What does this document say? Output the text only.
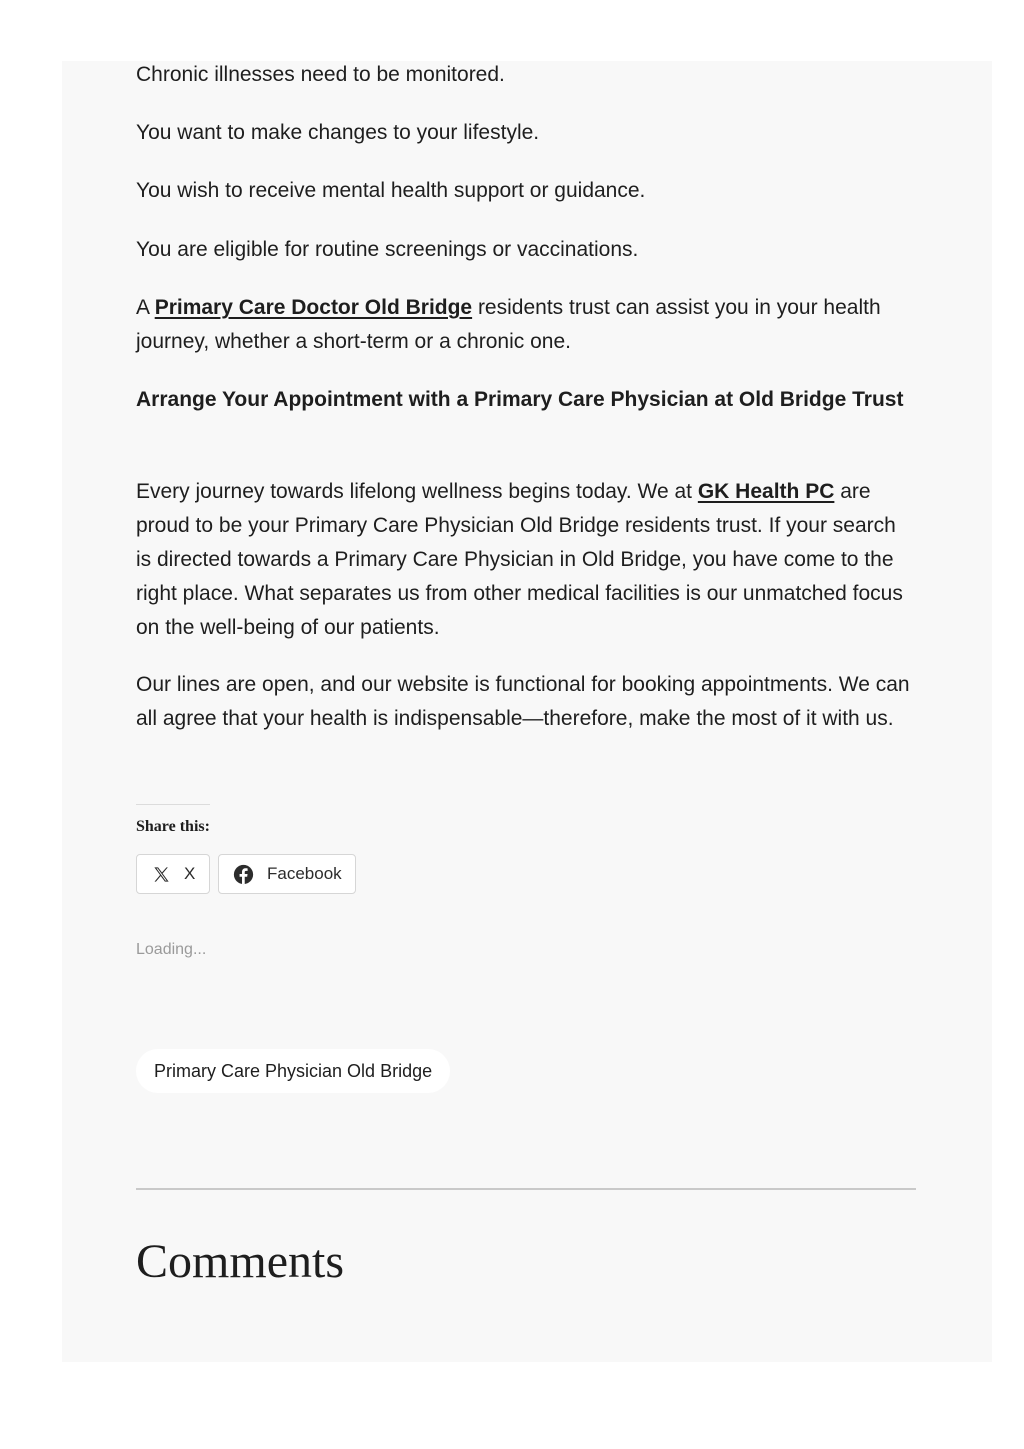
Chronic illnesses need to be monitored.

You want to make changes to your lifestyle.

You wish to receive mental health support or guidance.

You are eligible for routine screenings or vaccinations.

A Primary Care Doctor Old Bridge residents trust can assist you in your health journey, whether a short-term or a chronic one.

Arrange Your Appointment with a Primary Care Physician at Old Bridge Trust

Every journey towards lifelong wellness begins today. We at GK Health PC are proud to be your Primary Care Physician Old Bridge residents trust. If your search is directed towards a Primary Care Physician in Old Bridge, you have come to the right place. What separates us from other medical facilities is our unmatched focus on the well-being of our patients.

Our lines are open, and our website is functional for booking appointments. We can all agree that your health is indispensable—therefore, make the most of it with us.

Share this:
X	Facebook
Loading...
Primary Care Physician Old Bridge
Comments
